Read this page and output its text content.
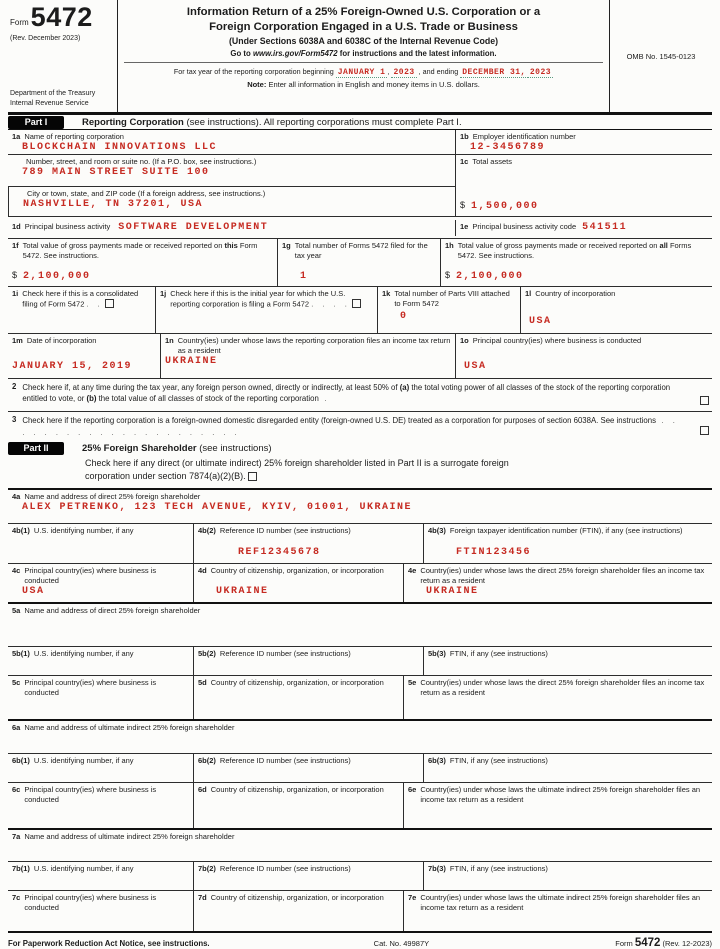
Form 5472
(Rev. December 2023)
Department of the Treasury
Internal Revenue Service
Information Return of a 25% Foreign-Owned U.S. Corporation or a
Foreign Corporation Engaged in a U.S. Trade or Business
(Under Sections 6038A and 6038C of the Internal Revenue Code)
Go to www.irs.gov/Form5472 for instructions and the latest information.
For tax year of the reporting corporation beginning JANUARY 1 , 2023 , and ending DECEMBER 31, 2023
Note: Enter all information in English and money items in U.S. dollars.
OMB No. 1545-0123
Part I	Reporting Corporation (see instructions). All reporting corporations must complete Part I.
1a Name of reporting corporation
BLOCKCHAIN INNOVATIONS LLC
1b Employer identification number
12-3456789
Number, street, and room or suite no. (If a P.O. box, see instructions.)
789 MAIN STREET SUITE 100
City or town, state, and ZIP code (If a foreign address, see instructions.)
NASHVILLE, TN 37201, USA
1c Total assets
$ 1,500,000
1d Principal business activity SOFTWARE DEVELOPMENT	1e Principal business activity code 541511
1f Total value of gross payments made or received reported on this Form 5472. See instructions.
$ 2,100,000
1g Total number of Forms 5472 filed for the tax year
1
1h Total value of gross payments made or received reported on all Forms 5472. See instructions.
$ 2,100,000
1i Check here if this is a consolidated filing of Form 5472 . .
1j Check here if this is the initial year for which the U.S. reporting corporation is filing a Form 5472 . . . .
1k Total number of Parts VIII attached to Form 5472
0
1l Country of incorporation
USA
1m Date of incorporation
JANUARY 15, 2019
1n Country(ies) under whose laws the reporting corporation files an income tax return as a resident
UKRAINE
1o Principal country(ies) where business is conducted
USA
2 Check here if, at any time during the tax year, any foreign person owned, directly or indirectly, at least 50% of (a) the total voting power of all classes of the stock of the reporting corporation entitled to vote, or (b) the total value of all classes of stock of the reporting corporation .
3 Check here if the reporting corporation is a foreign-owned domestic disregarded entity (foreign-owned U.S. DE) treated as a corporation for purposes of section 6038A. See instructions . . . . . . . . . . . . . . . . . . . . . .
Part II	25% Foreign Shareholder (see instructions)
Check here if any direct (or ultimate indirect) 25% foreign shareholder listed in Part II is a surrogate foreign
corporation under section 7874(a)(2)(B).
4a Name and address of direct 25% foreign shareholder
ALEX PETRENKO, 123 TECH AVENUE, KYIV, 01001, UKRAINE
4b(1) U.S. identifying number, if any	4b(2) Reference ID number (see instructions)
REF12345678
4b(3) Foreign taxpayer identification number (FTIN), if any (see instructions)
FTIN123456
4c Principal country(ies) where business is conducted
USA
4d Country of citizenship, organization, or incorporation
UKRAINE
4e Country(ies) under whose laws the direct 25% foreign shareholder files an income tax return as a resident
UKRAINE
5a Name and address of direct 25% foreign shareholder
5b(1) U.S. identifying number, if any	5b(2) Reference ID number (see instructions)	5b(3) FTIN, if any (see instructions)
5c Principal country(ies) where business is conducted
5d Country of citizenship, organization, or incorporation	5e Country(ies) under whose laws the direct 25% foreign shareholder files an income tax return as a resident
6a Name and address of ultimate indirect 25% foreign shareholder
6b(1) U.S. identifying number, if any	6b(2) Reference ID number (see instructions)	6b(3) FTIN, if any (see instructions)
6c Principal country(ies) where business is conducted
6d Country of citizenship, organization, or incorporation	6e Country(ies) under whose laws the ultimate indirect 25% foreign shareholder files an income tax return as a resident
7a Name and address of ultimate indirect 25% foreign shareholder
7b(1) U.S. identifying number, if any	7b(2) Reference ID number (see instructions)	7b(3) FTIN, if any (see instructions)
7c Principal country(ies) where business is conducted
7d Country of citizenship, organization, or incorporation	7e Country(ies) under whose laws the ultimate indirect 25% foreign shareholder files an income tax return as a resident
For Paperwork Reduction Act Notice, see instructions.	Cat. No. 49987Y	Form 5472 (Rev. 12-2023)
